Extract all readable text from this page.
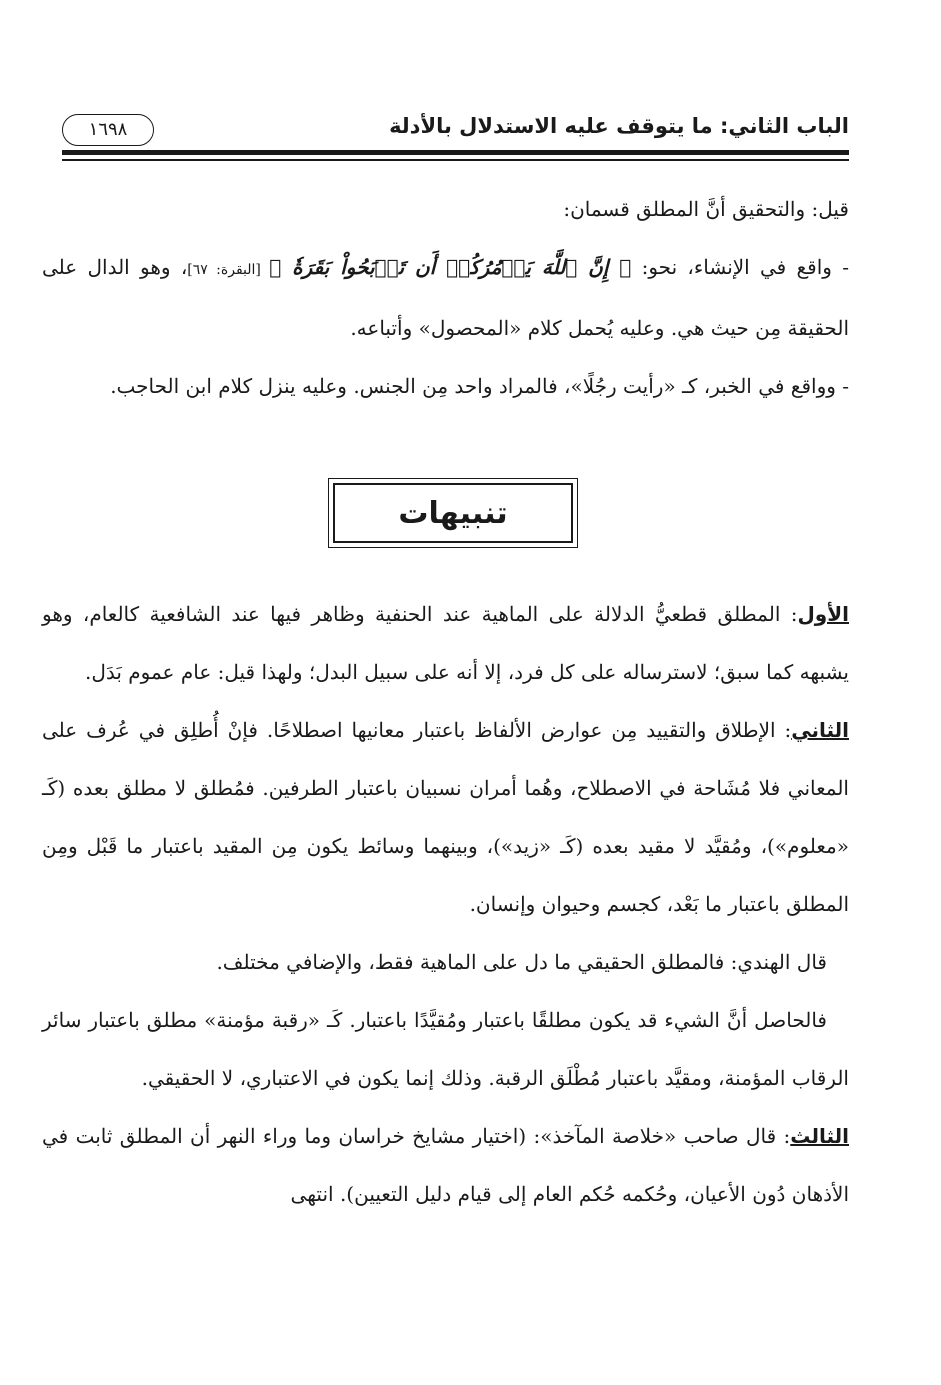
الباب الثاني: ما يتوقف عليه الاستدلال بالأدلة
١٦٩٨

قيل: والتحقيق أنَّ المطلق قسمان:

- واقع في الإنشاء، نحو: ﴿ إِنَّ ٱللَّهَ يَأۡمُرُكُمۡ أَن تَذۡبَحُواْ بَقَرَةٗ ﴾ [البقرة: ٦٧]، وهو الدال على الحقيقة مِن حيث هي. وعليه يُحمل كلام «المحصول» وأتباعه.

- وواقع في الخبر، كـ «رأيت رجُلًا»، فالمراد واحد مِن الجنس. وعليه ينزل كلام ابن الحاجب.

تنبيهات

الأول: المطلق قطعيُّ الدلالة على الماهية عند الحنفية وظاهر فيها عند الشافعية كالعام، وهو يشبهه كما سبق؛ لاسترساله على كل فرد، إلا أنه على سبيل البدل؛ ولهذا قيل: عام عموم بَدَل.

الثاني: الإطلاق والتقييد مِن عوارض الألفاظ باعتبار معانيها اصطلاحًا. فإنْ أُطلِق في عُرف على المعاني فلا مُشَاحة في الاصطلاح، وهُما أمران نسبيان باعتبار الطرفين. فمُطلق لا مطلق بعده (كَـ «معلوم»)، ومُقيَّد لا مقيد بعده (كَـ «زيد»)، وبينهما وسائط يكون مِن المقيد باعتبار ما قَبْل ومِن المطلق باعتبار ما بَعْد، كجسم وحيوان وإنسان.

قال الهندي: فالمطلق الحقيقي ما دل على الماهية فقط، والإضافي مختلف.

فالحاصل أنَّ الشيء قد يكون مطلقًا باعتبار ومُقيَّدًا باعتبار. كَـ «رقبة مؤمنة» مطلق باعتبار سائر الرقاب المؤمنة، ومقيَّد باعتبار مُطْلَق الرقبة. وذلك إنما يكون في الاعتباري، لا الحقيقي.

الثالث: قال صاحب «خلاصة المآخذ»: (اختيار مشايخ خراسان وما وراء النهر أن المطلق ثابت في الأذهان دُون الأعيان، وحُكمه حُكم العام إلى قيام دليل التعيين). انتهى
